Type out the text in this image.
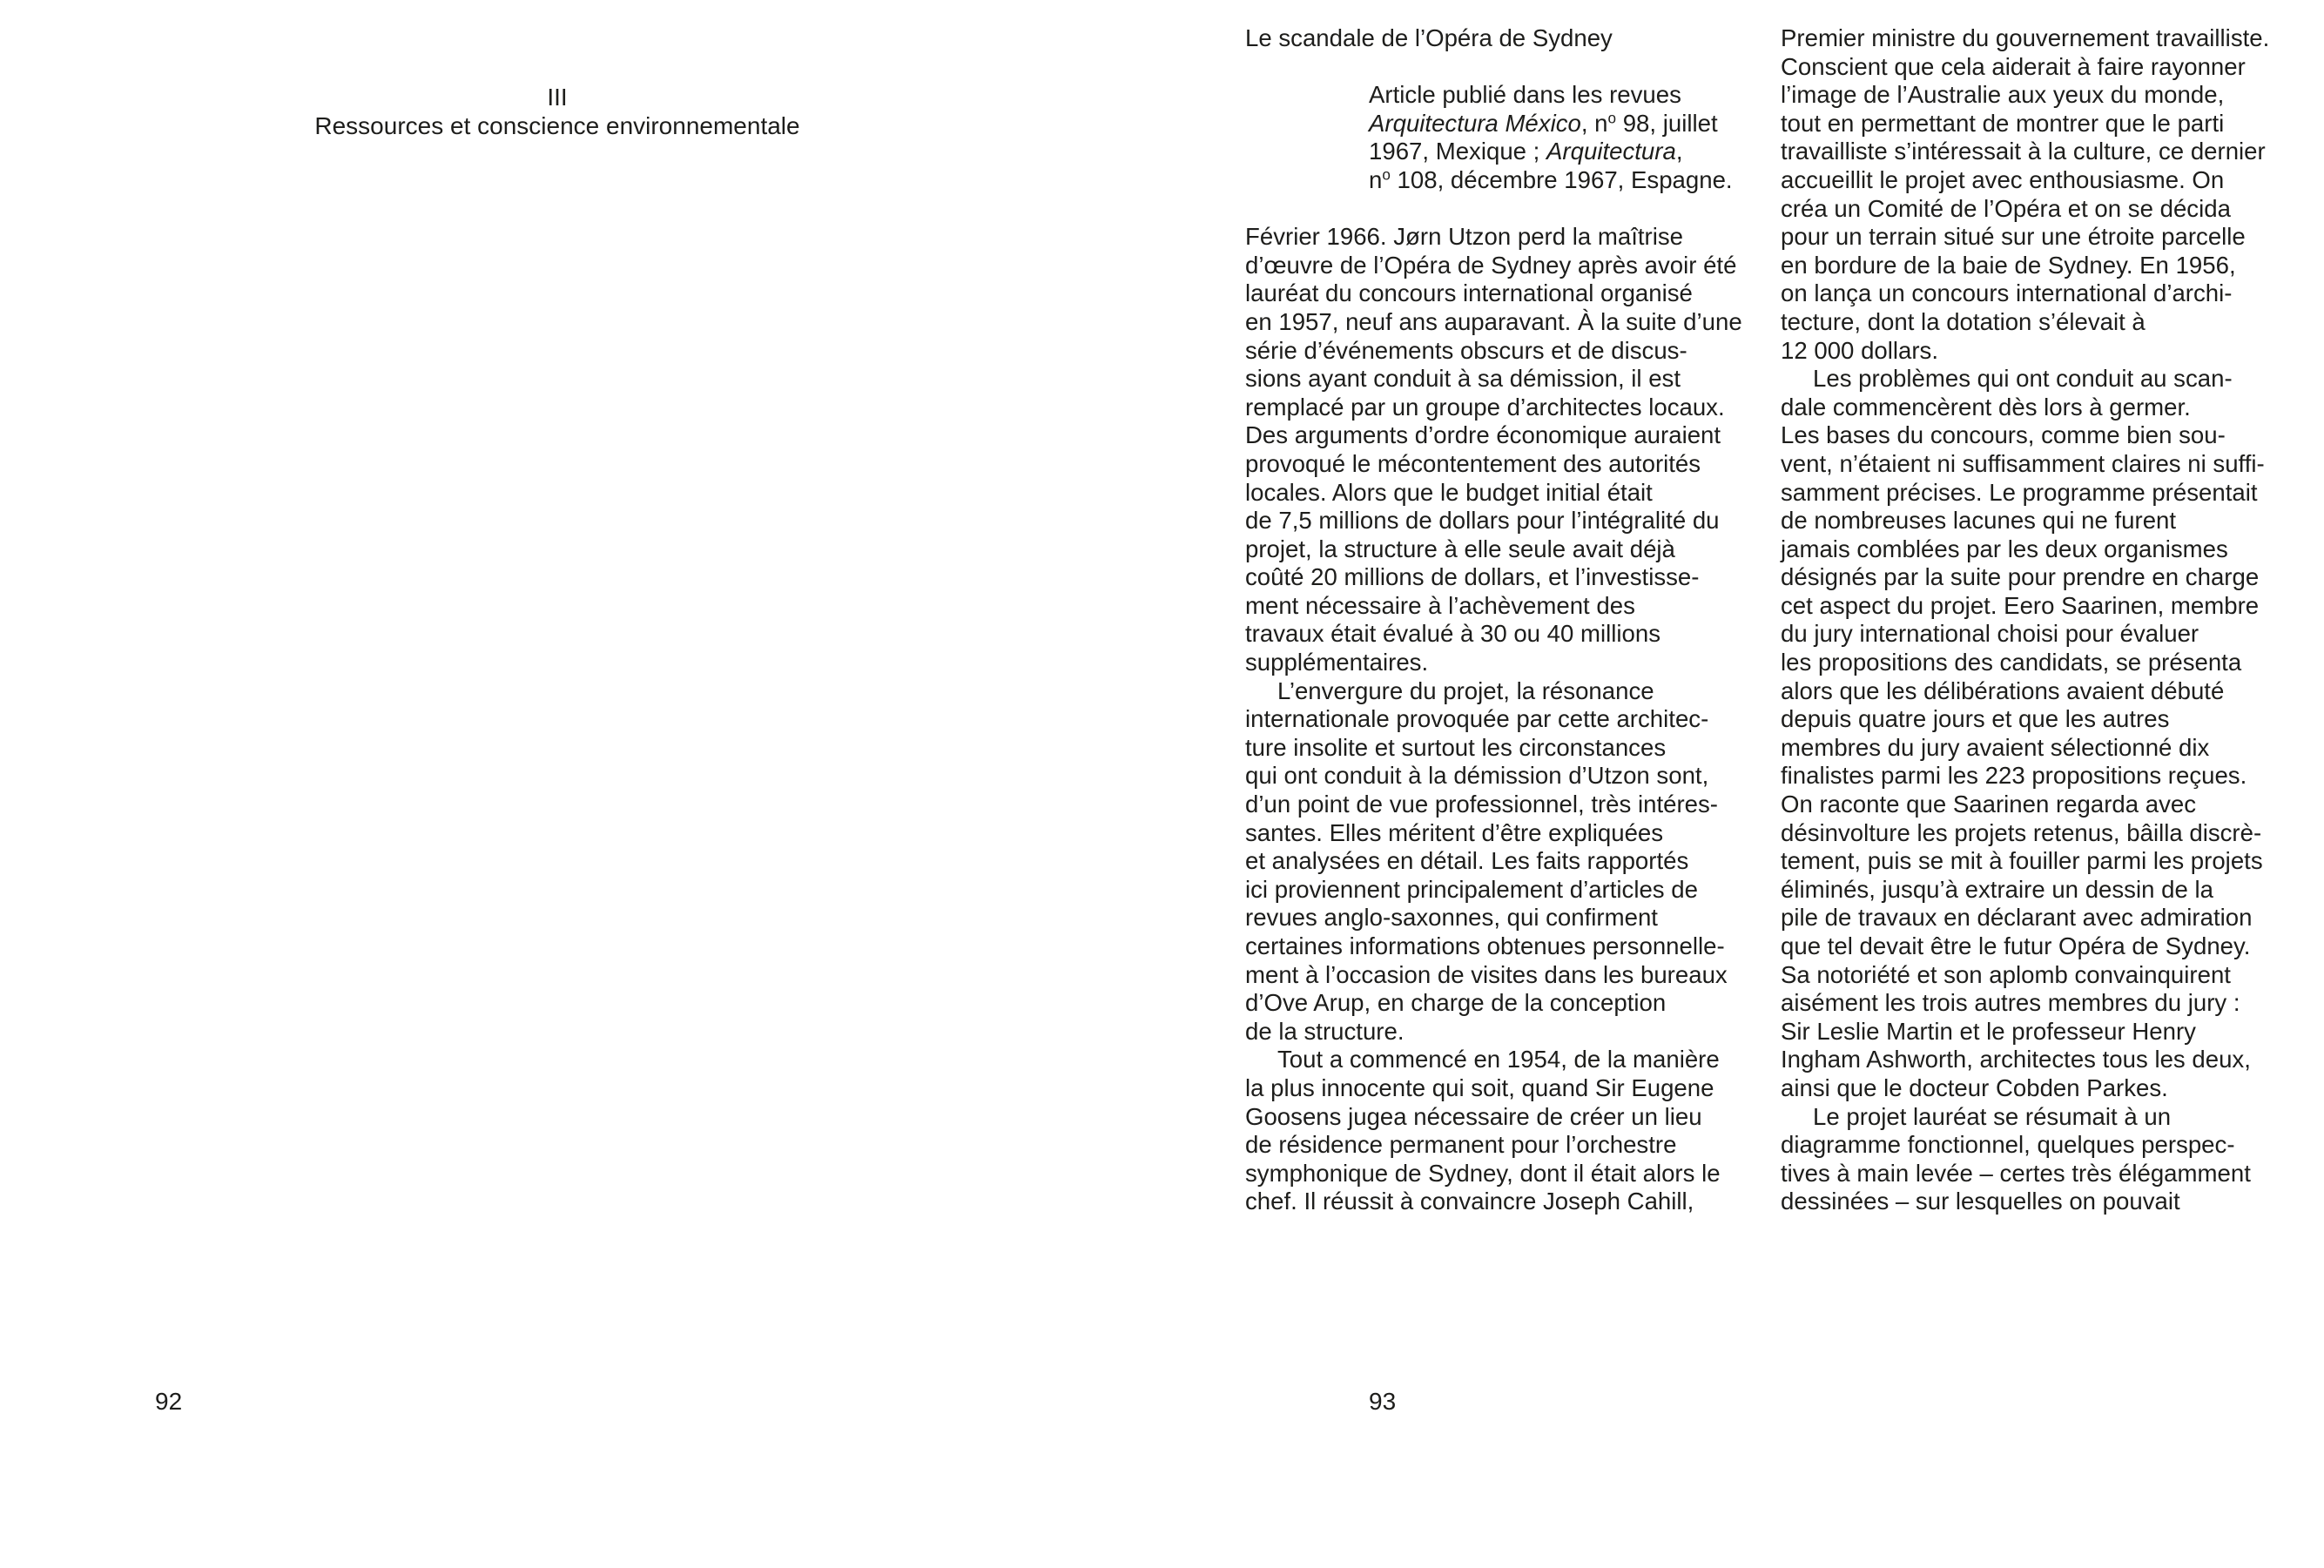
III
Ressources et conscience environnementale
92
Le scandale de l’Opéra de Sydney
Article publié dans les revues
Arquitectura México, $n^o$ 98, juillet
1967, Mexique ; Arquitectura,
$n^o$ 108, décembre 1967, Espagne.
Février 1966. Jørn Utzon perd la maîtrise
d’œuvre de l’Opéra de Sydney après avoir été
lauréat du concours international organisé
en 1957, neuf ans auparavant. À la suite d’une
série d’événements obscurs et de discus-
sions ayant conduit à sa démission, il est
remplacé par un groupe d’architectes locaux.
Des arguments d’ordre économique auraient
provoqué le mécontentement des autorités
locales. Alors que le budget initial était
de 7,5 millions de dollars pour l’intégralité du
projet, la structure à elle seule avait déjà
coûté 20 millions de dollars, et l’investisse-
ment nécessaire à l’achèvement des
travaux était évalué à 30 ou 40 millions
supplémentaires.
L’envergure du projet, la résonance
internationale provoquée par cette architec-
ture insolite et surtout les circonstances
qui ont conduit à la démission d’Utzon sont,
d’un point de vue professionnel, très intéres-
santes. Elles méritent d’être expliquées
et analysées en détail. Les faits rapportés
ici proviennent principalement d’articles de
revues anglo-saxonnes, qui confirment
certaines informations obtenues personnelle-
ment à l’occasion de visites dans les bureaux
d’Ove Arup, en charge de la conception
de la structure.
Tout a commencé en 1954, de la manière
la plus innocente qui soit, quand Sir Eugene
Goosens jugea nécessaire de créer un lieu
de résidence permanent pour l’orchestre
symphonique de Sydney, dont il était alors le
chef. Il réussit à convaincre Joseph Cahill,
Premier ministre du gouvernement travailliste.
Conscient que cela aiderait à faire rayonner
l’image de l’Australie aux yeux du monde,
tout en permettant de montrer que le parti
travailliste s’intéressait à la culture, ce dernier
accueillit le projet avec enthousiasme. On
créa un Comité de l’Opéra et on se décida
pour un terrain situé sur une étroite parcelle
en bordure de la baie de Sydney. En 1956,
on lança un concours international d’archi-
tecture, dont la dotation s’élevait à
12 000 dollars.
Les problèmes qui ont conduit au scan-
dale commencèrent dès lors à germer.
Les bases du concours, comme bien sou-
vent, n’étaient ni suffisamment claires ni suffi-
samment précises. Le programme présentait
de nombreuses lacunes qui ne furent
jamais comblées par les deux organismes
désignés par la suite pour prendre en charge
cet aspect du projet. Eero Saarinen, membre
du jury international choisi pour évaluer
les propositions des candidats, se présenta
alors que les délibérations avaient débuté
depuis quatre jours et que les autres
membres du jury avaient sélectionné dix
finalistes parmi les 223 propositions reçues.
On raconte que Saarinen regarda avec
désinvolture les projets retenus, bâilla discrè-
tement, puis se mit à fouiller parmi les projets
éliminés, jusqu’à extraire un dessin de la
pile de travaux en déclarant avec admiration
que tel devait être le futur Opéra de Sydney.
Sa notoriété et son aplomb convainquirent
aisément les trois autres membres du jury :
Sir Leslie Martin et le professeur Henry
Ingham Ashworth, architectes tous les deux,
ainsi que le docteur Cobden Parkes.
Le projet lauréat se résumait à un
diagramme fonctionnel, quelques perspec-
tives à main levée – certes très élégamment
dessinées – sur lesquelles on pouvait
93
